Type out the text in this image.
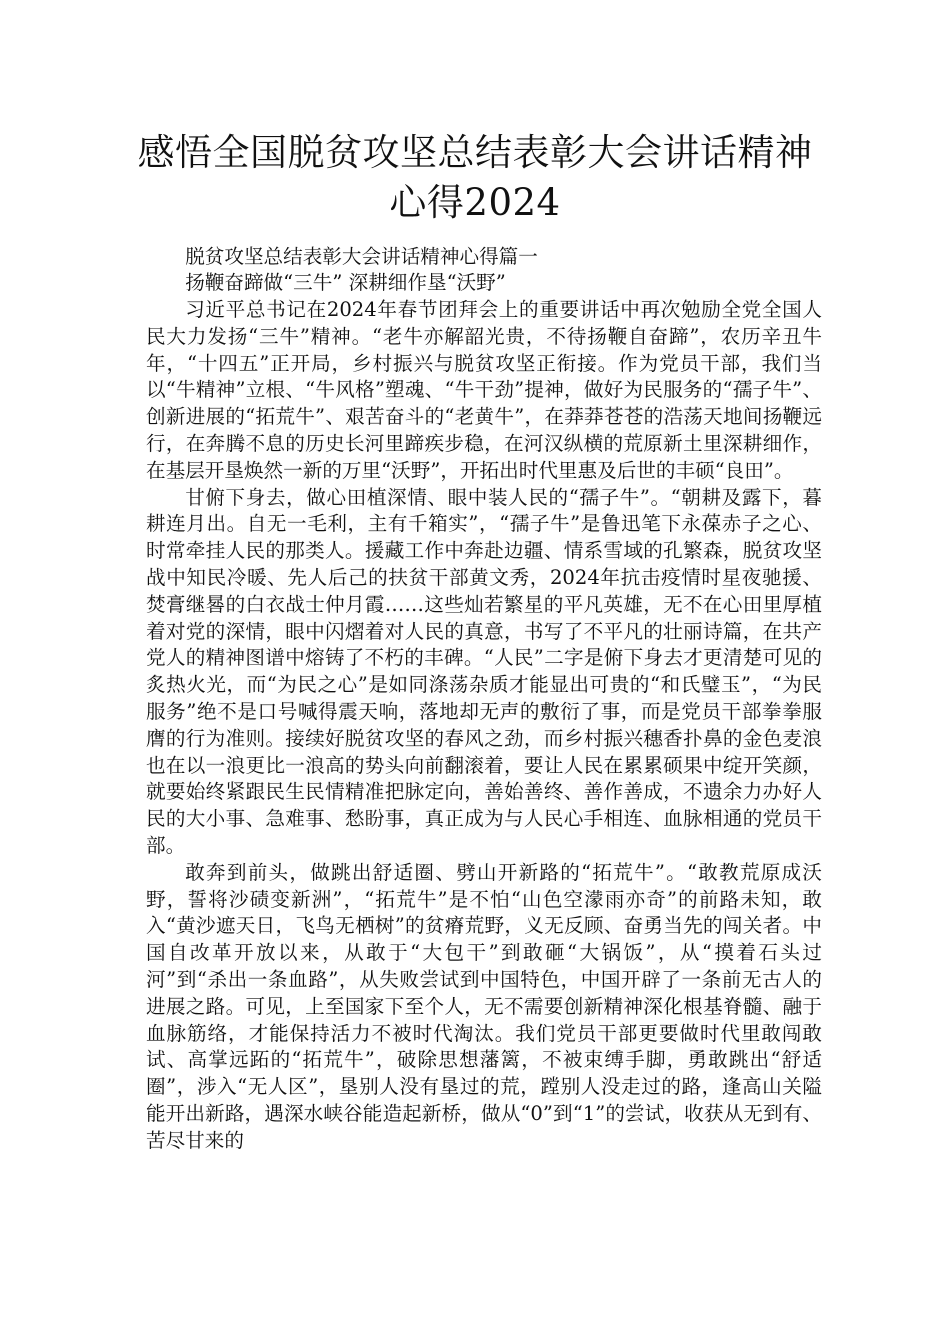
感悟全国脱贫攻坚总结表彰大会讲话精神
心得2024

脱贫攻坚总结表彰大会讲话精神心得篇一

扬鞭奋蹄做“三牛” 深耕细作垦“沃野”

习近平总书记在2024年春节团拜会上的重要讲话中再次勉励全党全国人民大力发扬“三牛”精神。“老牛亦解韶光贵，不待扬鞭自奋蹄”，农历辛丑牛年，“十四五”正开局，乡村振兴与脱贫攻坚正衔接。作为党员干部，我们当以“牛精神”立根、“牛风格”塑魂、“牛干劲”提神，做好为民服务的“孺子牛”、创新进展的“拓荒牛”、艰苦奋斗的“老黄牛”，在莽莽苍苍的浩荡天地间扬鞭远行，在奔腾不息的历史长河里蹄疾步稳，在河汉纵横的荒原新土里深耕细作，在基层开垦焕然一新的万里“沃野”，开拓出时代里惠及后世的丰硕“良田”。

甘俯下身去，做心田植深情、眼中装人民的“孺子牛”。“朝耕及露下，暮耕连月出。自无一毛利，主有千箱实”，“孺子牛”是鲁迅笔下永葆赤子之心、时常牵挂人民的那类人。援藏工作中奔赴边疆、情系雪域的孔繁森，脱贫攻坚战中知民冷暖、先人后己的扶贫干部黄文秀，2024年抗击疫情时星夜驰援、焚膏继晷的白衣战士仲月霞……这些灿若繁星的平凡英雄，无不在心田里厚植着对党的深情，眼中闪熠着对人民的真意，书写了不平凡的壮丽诗篇，在共产党人的精神图谱中熔铸了不朽的丰碑。“人民”二字是俯下身去才更清楚可见的炙热火光，而“为民之心”是如同涤荡杂质才能显出可贵的“和氏璧玉”，“为民服务”绝不是口号喊得震天响，落地却无声的敷衍了事，而是党员干部拳拳服膺的行为准则。接续好脱贫攻坚的春风之劲，而乡村振兴穗香扑鼻的金色麦浪也在以一浪更比一浪高的势头向前翻滚着，要让人民在累累硕果中绽开笑颜，就要始终紧跟民生民情精准把脉定向，善始善终、善作善成，不遗余力办好人民的大小事、急难事、愁盼事，真正成为与人民心手相连、血脉相通的党员干部。

敢奔到前头，做跳出舒适圈、劈山开新路的“拓荒牛”。“敢教荒原成沃野，誓将沙碛变新洲”，“拓荒牛”是不怕“山色空濛雨亦奇”的前路未知，敢入“黄沙遮天日，飞鸟无栖树”的贫瘠荒野，义无反顾、奋勇当先的闯关者。中国自改革开放以来，从敢于“大包干”到敢砸“大锅饭”，从“摸着石头过河”到“杀出一条血路”，从失败尝试到中国特色，中国开辟了一条前无古人的进展之路。可见，上至国家下至个人，无不需要创新精神深化根基脊髓、融于血脉筋络，才能保持活力不被时代淘汰。我们党员干部更要做时代里敢闯敢试、高掌远跖的“拓荒牛”，破除思想藩篱，不被束缚手脚，勇敢跳出“舒适圈”，涉入“无人区”，垦别人没有垦过的荒，蹚别人没走过的路，逢高山关隘能开出新路，遇深水峡谷能造起新桥，做从“0”到“1”的尝试，收获从无到有、苦尽甘来的
